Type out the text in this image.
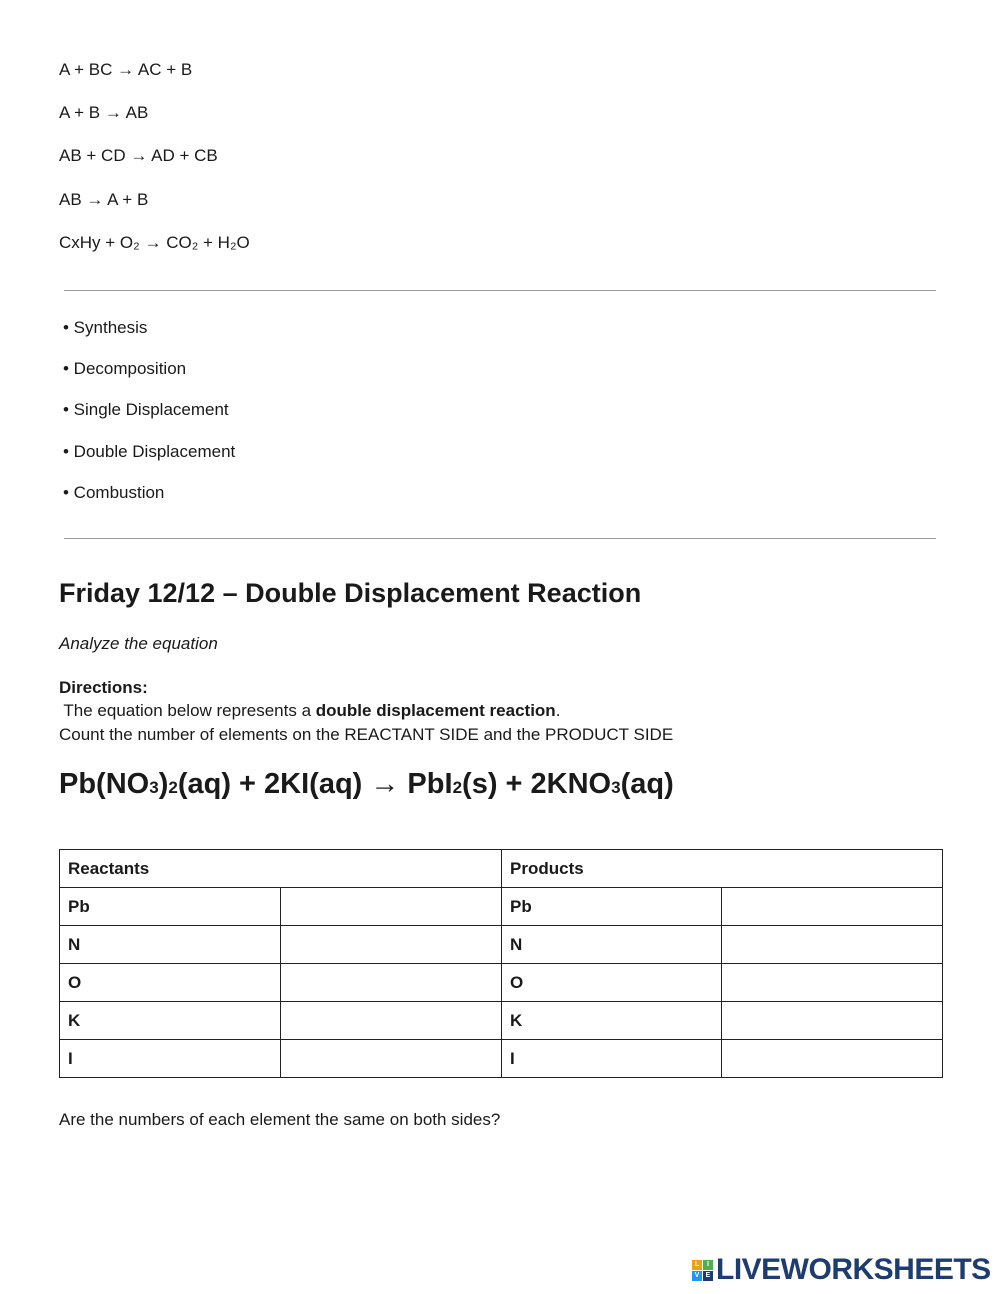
A + BC → AC + B
A + B → AB
AB + CD → AD + CB
AB → A + B
CxHy + O₂ → CO₂ + H₂O
• Synthesis
• Decomposition
• Single Displacement
• Double Displacement
• Combustion
Friday 12/12 – Double Displacement Reaction
Analyze the equation
Directions:
The equation below represents a double displacement reaction.
Count the number of elements on the REACTANT SIDE and the PRODUCT SIDE
Pb(NO3)2(aq) + 2KI(aq) → PbI2(s) + 2KNO3(aq)
Reactants		Products	
Pb		Pb	
N		N	
O		O	
K		K	
I		I	
Are the numbers of each element the same on both sides?
L	I
V E LIVEWORKSHEETS
